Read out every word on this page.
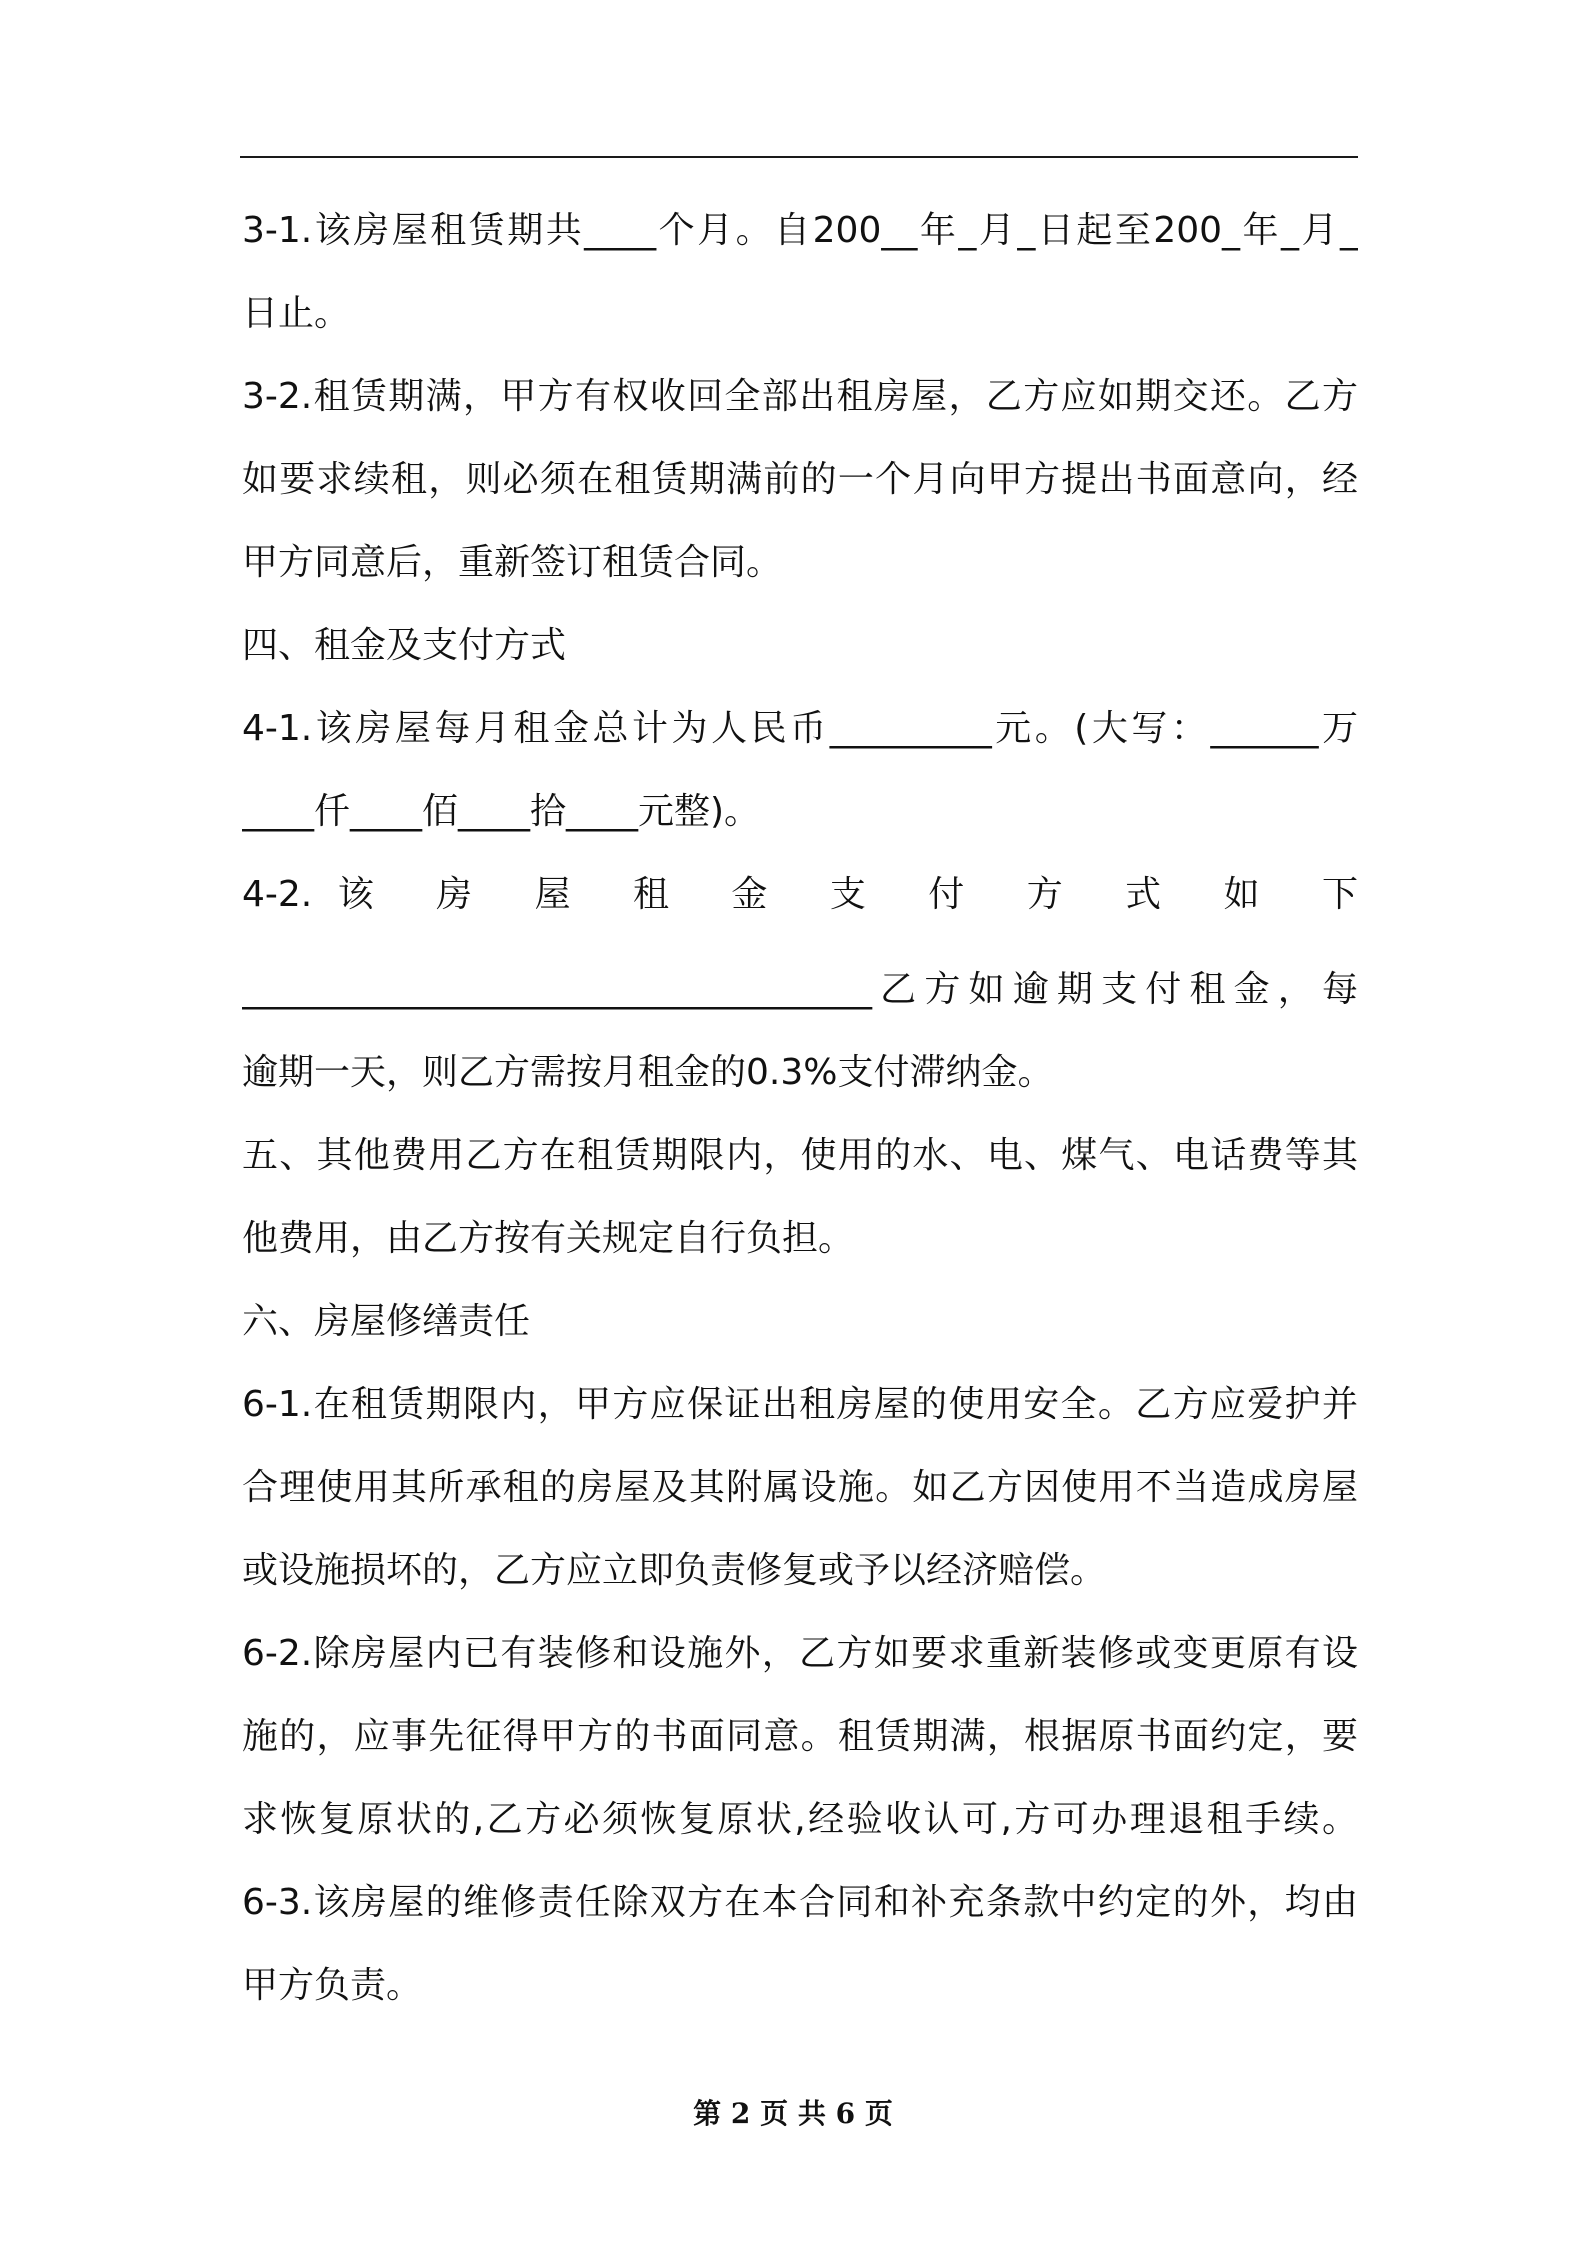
3-1.该房屋租赁期共____个月。自200__年_月_日起至200_年_月_
日止。
3-2.租赁期满，甲方有权收回全部出租房屋，乙方应如期交还。乙方
如要求续租，则必须在租赁期满前的一个月向甲方提出书面意向，经
甲方同意后，重新签订租赁合同。
四、租金及支付方式
4-1.该房屋每月租金总计为人民币_________元。(大写：______万
____仟____佰____拾____元整)。
4-2.该 房 屋 租 金 支 付 方 式 如 下
___________________________________乙方如逾期支付租金，每
逾期一天，则乙方需按月租金的0.3%支付滞纳金。
五、其他费用乙方在租赁期限内，使用的水、电、煤气、电话费等其
他费用，由乙方按有关规定自行负担。
六、房屋修缮责任
6-1.在租赁期限内，甲方应保证出租房屋的使用安全。乙方应爱护并
合理使用其所承租的房屋及其附属设施。如乙方因使用不当造成房屋
或设施损坏的，乙方应立即负责修复或予以经济赔偿。
6-2.除房屋内已有装修和设施外，乙方如要求重新装修或变更原有设
施的，应事先征得甲方的书面同意。租赁期满，根据原书面约定，要
求恢复原状的,乙方必须恢复原状,经验收认可,方可办理退租手续。
6-3.该房屋的维修责任除双方在本合同和补充条款中约定的外，均由
甲方负责。
第 2 页 共 6 页
